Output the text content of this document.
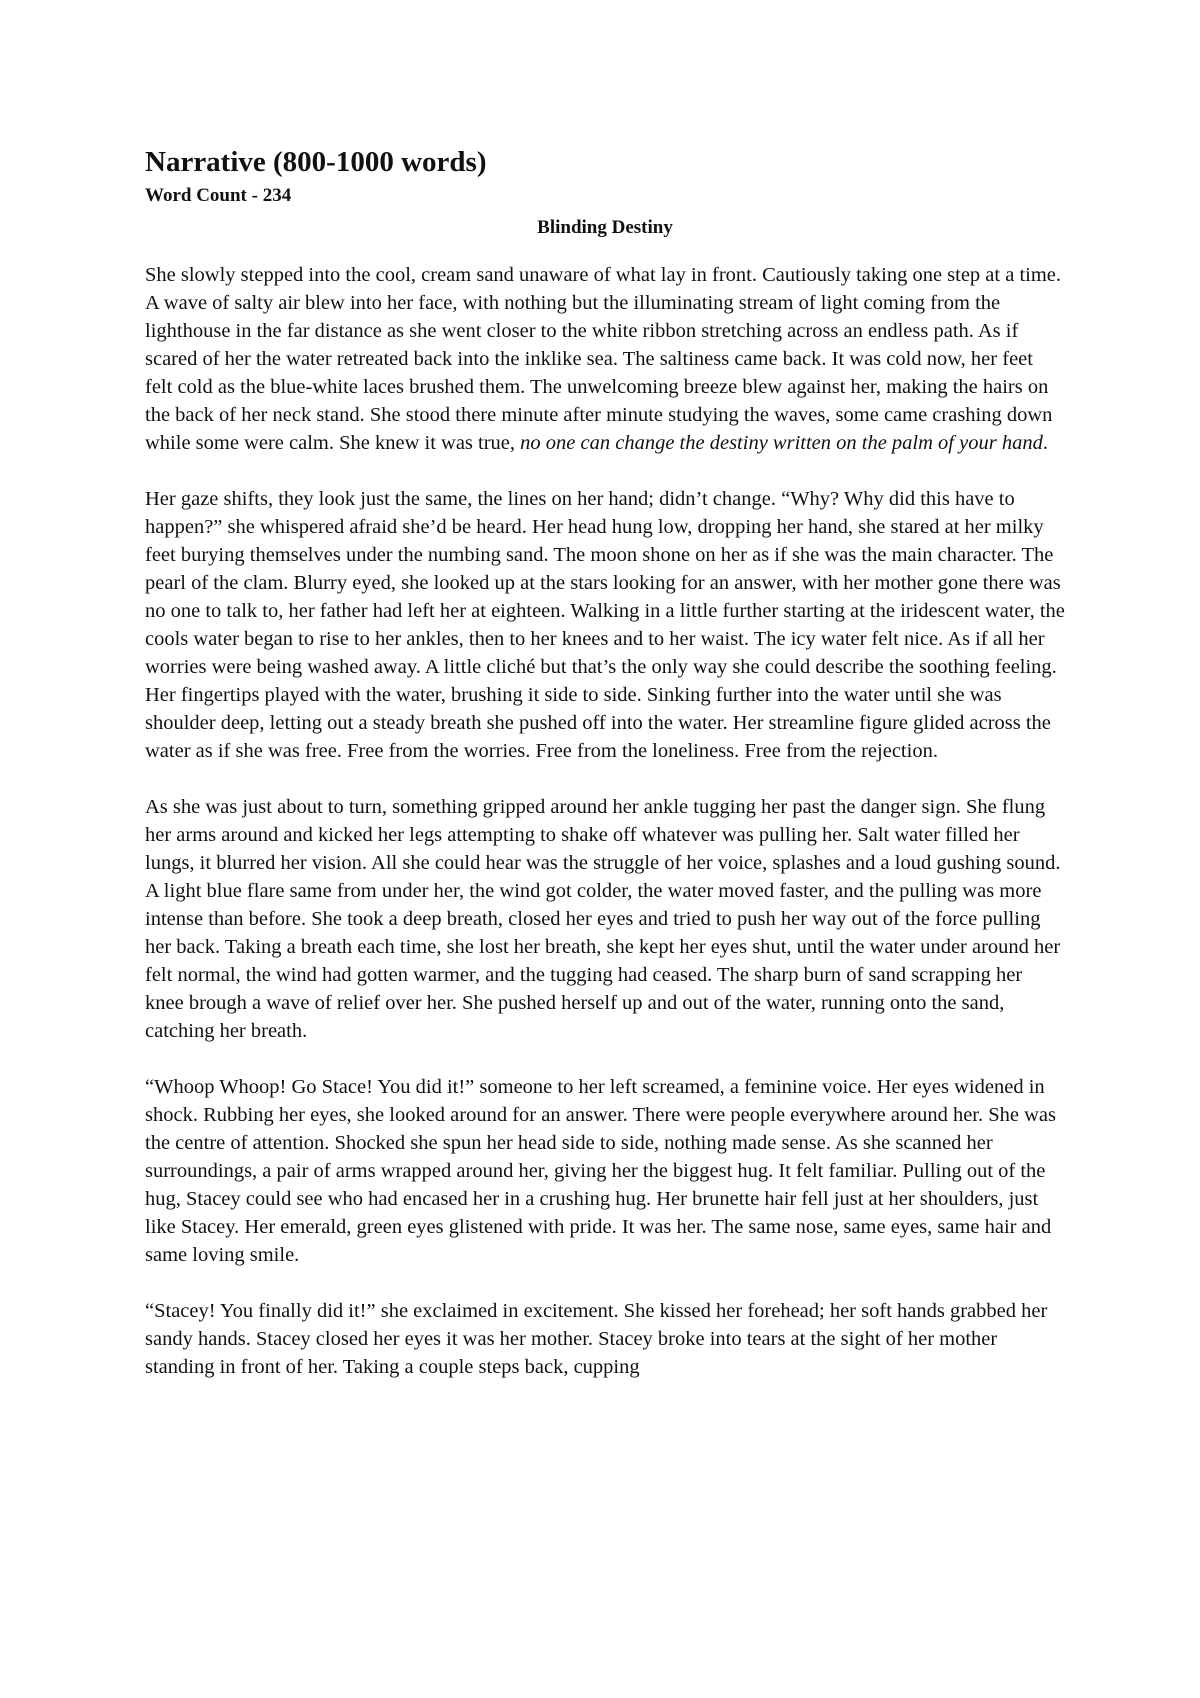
Narrative (800-1000 words)
Word Count - 234
Blinding Destiny

She slowly stepped into the cool, cream sand unaware of what lay in front. Cautiously taking one step at a time. A wave of salty air blew into her face, with nothing but the illuminating stream of light coming from the lighthouse in the far distance as she went closer to the white ribbon stretching across an endless path. As if scared of her the water retreated back into the inklike sea. The saltiness came back. It was cold now, her feet felt cold as the blue-white laces brushed them. The unwelcoming breeze blew against her, making the hairs on the back of her neck stand. She stood there minute after minute studying the waves, some came crashing down while some were calm. She knew it was true, no one can change the destiny written on the palm of your hand.

Her gaze shifts, they look just the same, the lines on her hand; didn’t change. “Why? Why did this have to happen?” she whispered afraid she’d be heard. Her head hung low, dropping her hand, she stared at her milky feet burying themselves under the numbing sand. The moon shone on her as if she was the main character. The pearl of the clam. Blurry eyed, she looked up at the stars looking for an answer, with her mother gone there was no one to talk to, her father had left her at eighteen. Walking in a little further starting at the iridescent water, the cools water began to rise to her ankles, then to her knees and to her waist. The icy water felt nice. As if all her worries were being washed away. A little cliché but that’s the only way she could describe the soothing feeling. Her fingertips played with the water, brushing it side to side. Sinking further into the water until she was shoulder deep, letting out a steady breath she pushed off into the water. Her streamline figure glided across the water as if she was free. Free from the worries. Free from the loneliness. Free from the rejection.

As she was just about to turn, something gripped around her ankle tugging her past the danger sign. She flung her arms around and kicked her legs attempting to shake off whatever was pulling her. Salt water filled her lungs, it blurred her vision. All she could hear was the struggle of her voice, splashes and a loud gushing sound. A light blue flare same from under her, the wind got colder, the water moved faster, and the pulling was more intense than before. She took a deep breath, closed her eyes and tried to push her way out of the force pulling her back. Taking a breath each time, she lost her breath, she kept her eyes shut, until the water under around her felt normal, the wind had gotten warmer, and the tugging had ceased. The sharp burn of sand scrapping her knee brough a wave of relief over her. She pushed herself up and out of the water, running onto the sand, catching her breath.

“Whoop Whoop! Go Stace! You did it!” someone to her left screamed, a feminine voice. Her eyes widened in shock. Rubbing her eyes, she looked around for an answer. There were people everywhere around her. She was the centre of attention. Shocked she spun her head side to side, nothing made sense. As she scanned her surroundings, a pair of arms wrapped around her, giving her the biggest hug. It felt familiar. Pulling out of the hug, Stacey could see who had encased her in a crushing hug. Her brunette hair fell just at her shoulders, just like Stacey. Her emerald, green eyes glistened with pride. It was her. The same nose, same eyes, same hair and same loving smile.

“Stacey! You finally did it!” she exclaimed in excitement. She kissed her forehead; her soft hands grabbed her sandy hands. Stacey closed her eyes it was her mother. Stacey broke into tears at the sight of her mother standing in front of her. Taking a couple steps back, cupping
